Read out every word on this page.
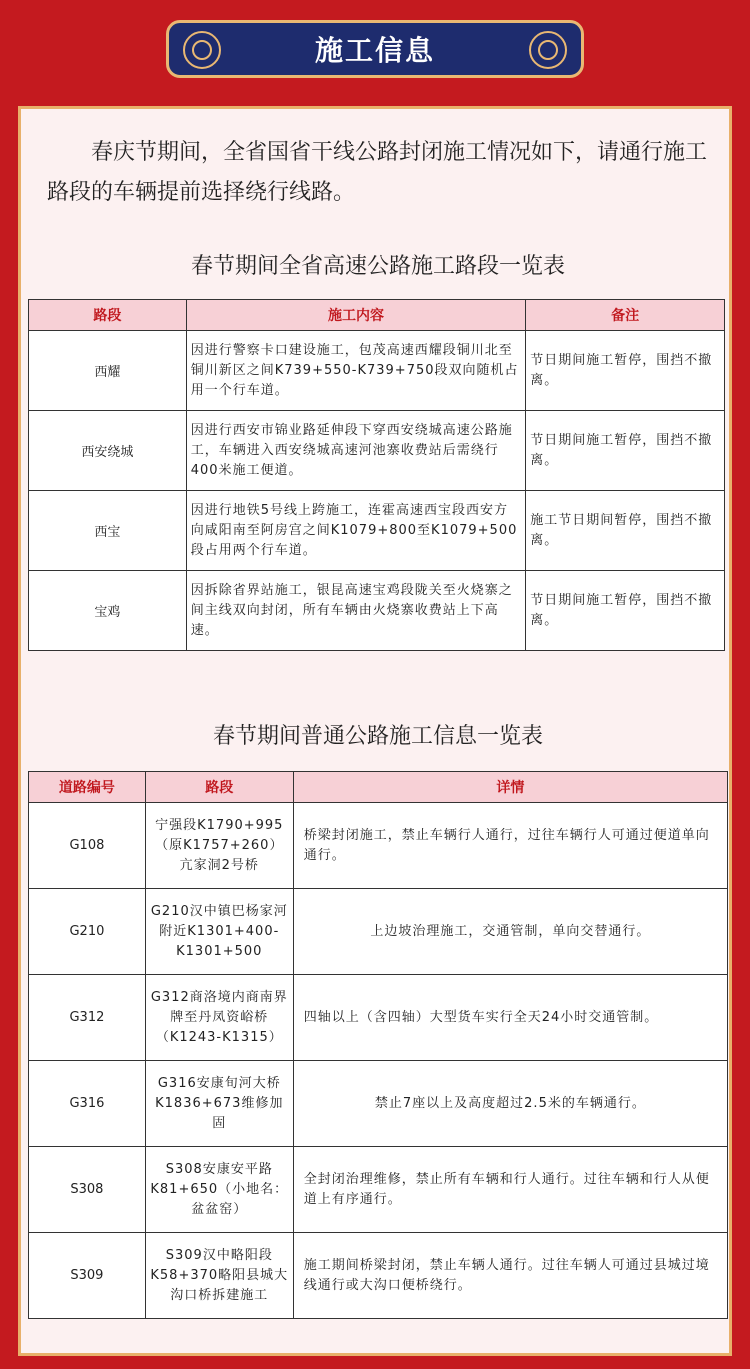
施工信息

春庆节期间，全省国省干线公路封闭施工情况如下，请通行施工路段的车辆提前选择绕行线路。

春节期间全省高速公路施工路段一览表
路段	施工内容	备注
西耀	因进行警察卡口建设施工，包茂高速西耀段铜川北至铜川新区之间K739+550-K739+750段双向随机占用一个行车道。	节日期间施工暂停，围挡不撤离。
西安绕城	因进行西安市锦业路延伸段下穿西安绕城高速公路施工，车辆进入西安绕城高速河池寨收费站后需绕行400米施工便道。	节日期间施工暂停，围挡不撤离。
西宝	因进行地铁5号线上跨施工，连霍高速西宝段西安方向咸阳南至阿房宫之间K1079+800至K1079+500段占用两个行车道。	施工节日期间暂停，围挡不撤离。
宝鸡	因拆除省界站施工，银昆高速宝鸡段陇关至火烧寨之间主线双向封闭，所有车辆由火烧寨收费站上下高速。	节日期间施工暂停，围挡不撤离。
春节期间普通公路施工信息一览表
道路编号	路段	详情
G108	宁强段K1790+995（原K1757+260）亢家洞2号桥	桥梁封闭施工，禁止车辆行人通行，过往车辆行人可通过便道单向通行。
G210	G210汉中镇巴杨家河附近K1301+400-K1301+500	上边坡治理施工，交通管制，单向交替通行。
G312	G312商洛境内商南界牌至丹凤资峪桥（K1243-K1315）	四轴以上（含四轴）大型货车实行全天24小时交通管制。
G316	G316安康旬河大桥K1836+673维修加固	禁止7座以上及高度超过2.5米的车辆通行。
S308	S308安康安平路K81+650（小地名：盆盆窑）	全封闭治理维修，禁止所有车辆和行人通行。过往车辆和行人从便道上有序通行。
S309	S309汉中略阳段K58+370略阳县城大沟口桥拆建施工	施工期间桥梁封闭，禁止车辆人通行。过往车辆人可通过县城过境线通行或大沟口便桥绕行。
